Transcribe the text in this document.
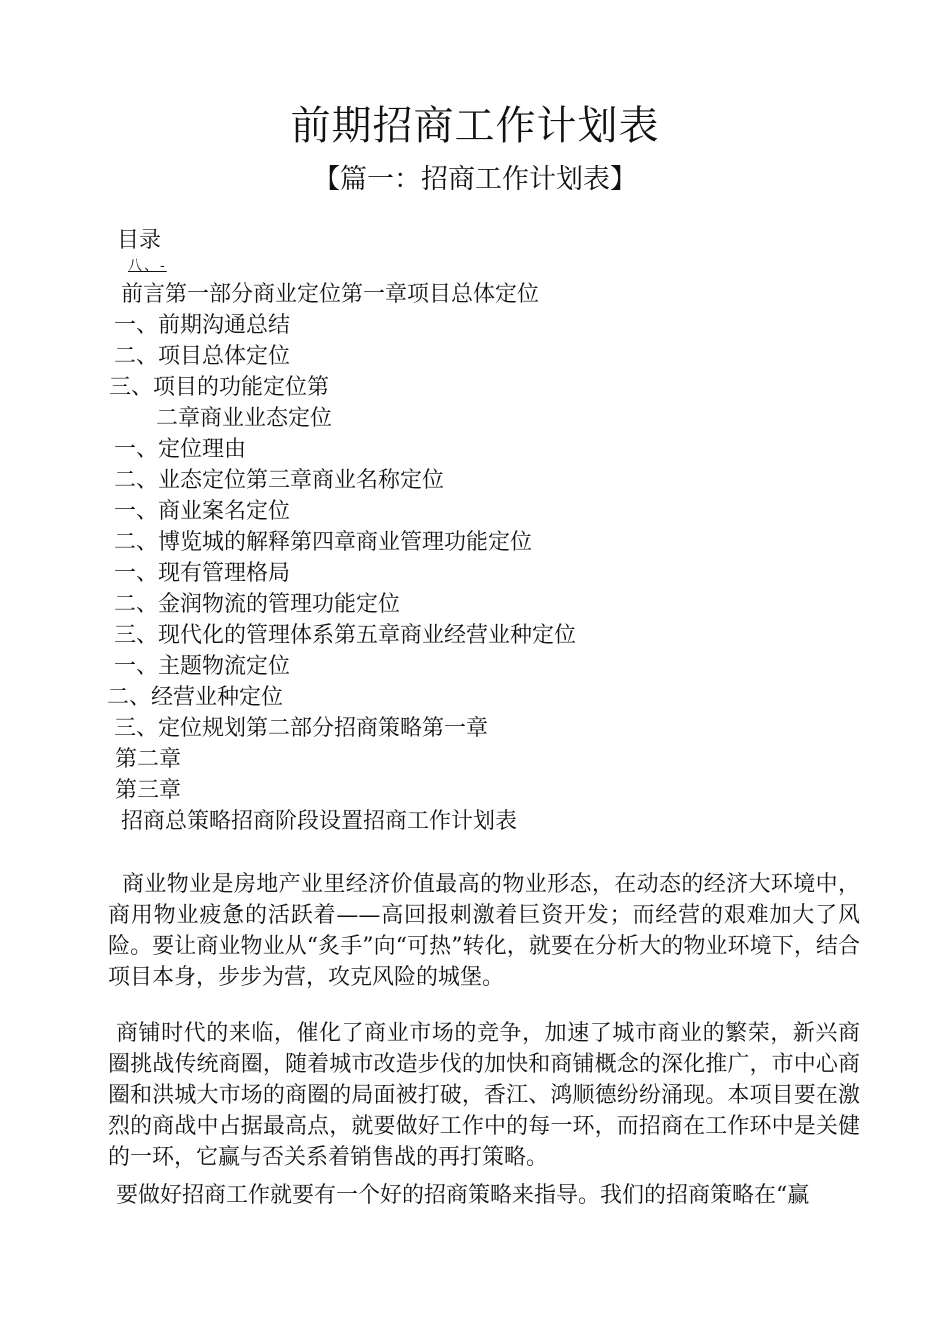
前期招商工作计划表
【篇一：招商工作计划表】
目录
八、-
前言第一部分商业定位第一章项目总体定位
一、前期沟通总结
二、项目总体定位
三、项目的功能定位第
二章商业业态定位
一、定位理由
二、业态定位第三章商业名称定位
一、商业案名定位
二、博览城的解释第四章商业管理功能定位
一、现有管理格局
二、金润物流的管理功能定位
三、现代化的管理体系第五章商业经营业种定位
一、主题物流定位
二、经营业种定位
三、定位规划第二部分招商策略第一章
第二章
第三章
招商总策略招商阶段设置招商工作计划表

商业物业是房地产业里经济价值最高的物业形态，在动态的经济大环境中，商用物业疲惫的活跃着——高回报刺激着巨资开发；而经营的艰难加大了风险。要让商业物业从“炙手”向“可热”转化，就要在分析大的物业环境下，结合项目本身，步步为营，攻克风险的城堡。

商铺时代的来临，催化了商业市场的竞争，加速了城市商业的繁荣，新兴商圈挑战传统商圈，随着城市改造步伐的加快和商铺概念的深化推广，市中心商圈和洪城大市场的商圈的局面被打破，香江、鸿顺德纷纷涌现。本项目要在激烈的商战中占据最高点，就要做好工作中的每一环，而招商在工作环中是关健的一环，它赢与否关系着销售战的再打策略。

要做好招商工作就要有一个好的招商策略来指导。我们的招商策略在“赢
